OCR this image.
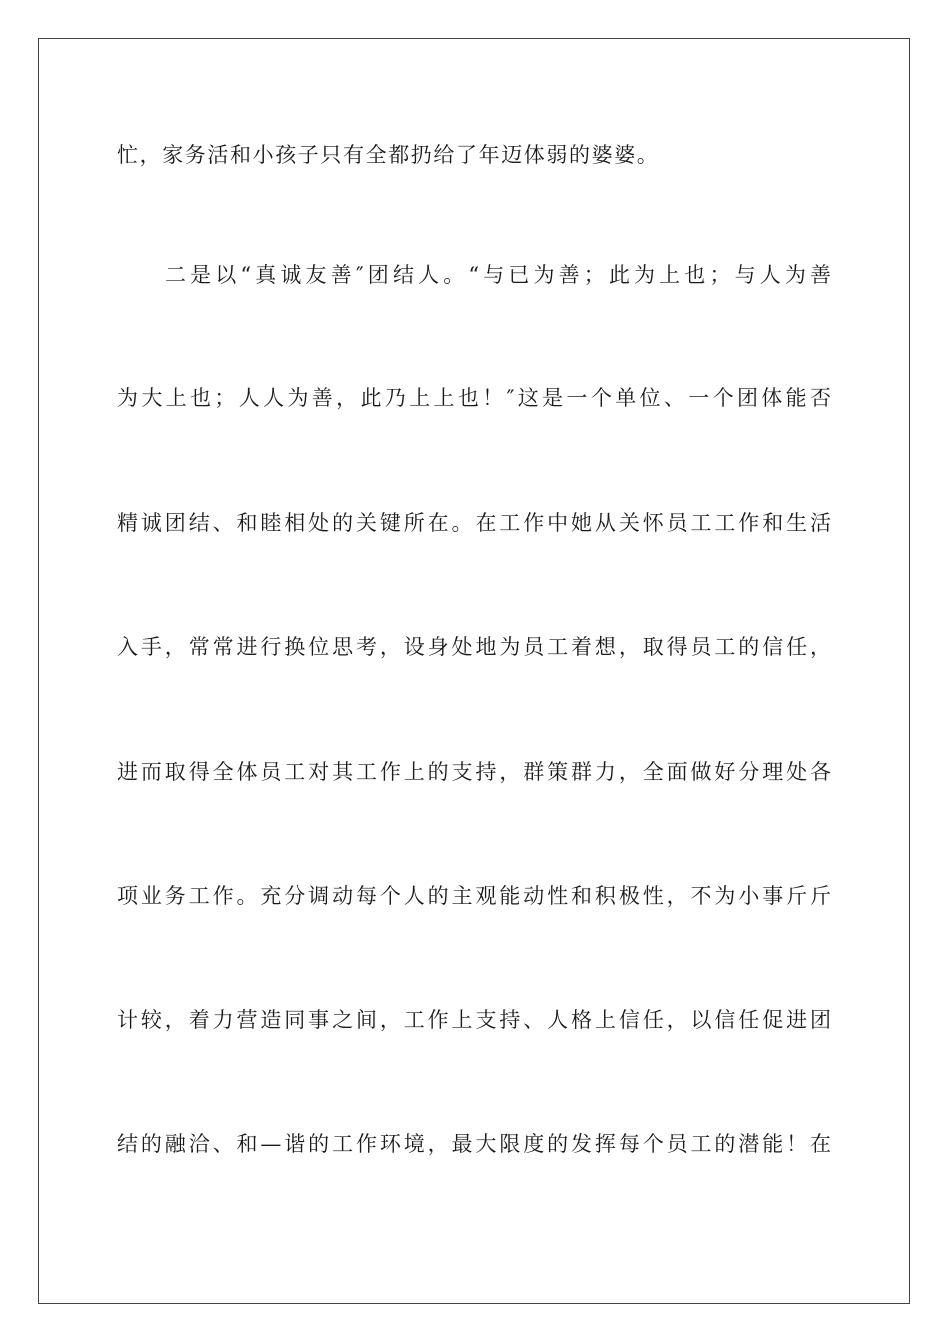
忙，家务活和小孩子只有全都扔给了年迈体弱的婆婆。
二是以“真诚友善″团结人。“与已为善；此为上也；与人为善
为大上也；人人为善，此乃上上也！″这是一个单位、一个团体能否
精诚团结、和睦相处的关键所在。在工作中她从关怀员工工作和生活
入手，常常进行换位思考，设身处地为员工着想，取得员工的信任，
进而取得全体员工对其工作上的支持，群策群力，全面做好分理处各
项业务工作。充分调动每个人的主观能动性和积极性，不为小事斤斤
计较，着力营造同事之间，工作上支持、人格上信任，以信任促进团
结的融洽、和—谐的工作环境，最大限度的发挥每个员工的潜能！在
